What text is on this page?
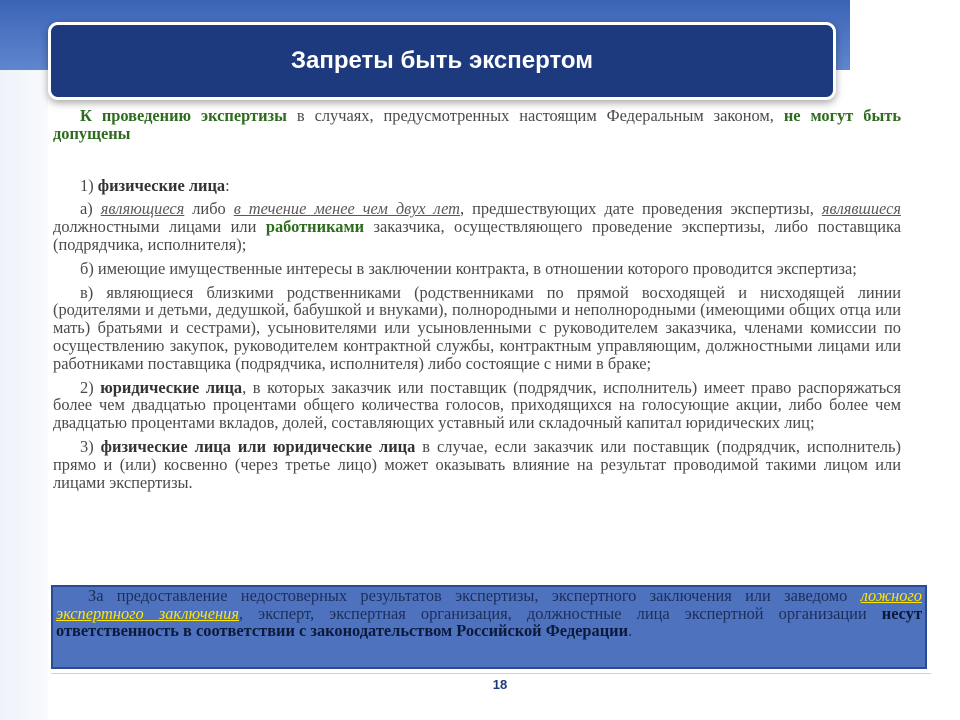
Запреты быть экспертом

К проведению экспертизы в случаях, предусмотренных настоящим Федеральным законом, не могут быть допущены

1) физические лица:

а) являющиеся либо в течение менее чем двух лет, предшествующих дате проведения экспертизы, являвшиеся должностными лицами или работниками заказчика, осуществляющего проведение экспертизы, либо поставщика (подрядчика, исполнителя);

б) имеющие имущественные интересы в заключении контракта, в отношении которого проводится экспертиза;

в) являющиеся близкими родственниками (родственниками по прямой восходящей и нисходящей линии (родителями и детьми, дедушкой, бабушкой и внуками), полнородными и неполнородными (имеющими общих отца или мать) братьями и сестрами), усыновителями или усыновленными с руководителем заказчика, членами комиссии по осуществлению закупок, руководителем контрактной службы, контрактным управляющим, должностными лицами или работниками поставщика (подрядчика, исполнителя) либо состоящие с ними в браке;

2) юридические лица, в которых заказчик или поставщик (подрядчик, исполнитель) имеет право распоряжаться более чем двадцатью процентами общего количества голосов, приходящихся на голосующие акции, либо более чем двадцатью процентами вкладов, долей, составляющих уставный или складочный капитал юридических лиц;

3) физические лица или юридические лица в случае, если заказчик или поставщик (подрядчик, исполнитель) прямо и (или) косвенно (через третье лицо) может оказывать влияние на результат проводимой такими лицом или лицами экспертизы.

За предоставление недостоверных результатов экспертизы, экспертного заключения или заведомо ложного экспертного заключения, эксперт, экспертная организация, должностные лица экспертной организации несут ответственность в соответствии с законодательством Российской Федерации.

18
